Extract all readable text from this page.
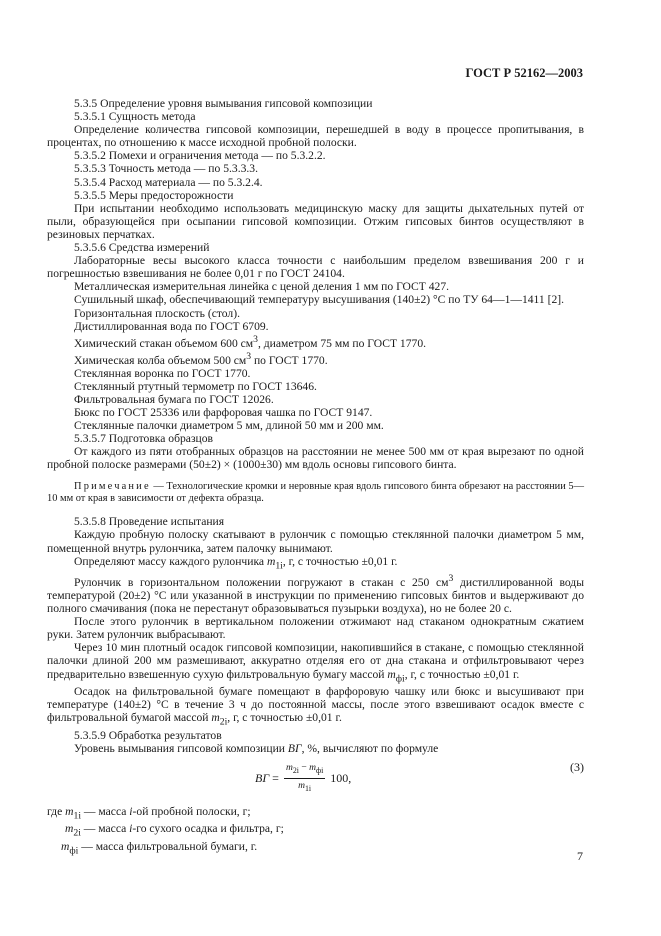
ГОСТ Р 52162—2003

5.3.5 Определение уровня вымывания гипсовой композиции

5.3.5.1 Сущность метода

Определение количества гипсовой композиции, перешедшей в воду в процессе пропитывания, в процентах, по отношению к массе исходной пробной полоски.

5.3.5.2 Помехи и ограничения метода — по 5.3.2.2.

5.3.5.3 Точность метода — по 5.3.3.3.

5.3.5.4 Расход материала — по 5.3.2.4.

5.3.5.5 Меры предосторожности

При испытании необходимо использовать медицинскую маску для защиты дыхательных путей от пыли, образующейся при осыпании гипсовой композиции. Отжим гипсовых бинтов осуществляют в резиновых перчатках.

5.3.5.6 Средства измерений

Лабораторные весы высокого класса точности с наибольшим пределом взвешивания 200 г и погрешностью взвешивания не более 0,01 г по ГОСТ 24104.

Металлическая измерительная линейка с ценой деления 1 мм по ГОСТ 427.

Сушильный шкаф, обеспечивающий температуру высушивания (140±2) °С по ТУ 64—1—1411 [2].

Горизонтальная плоскость (стол).

Дистиллированная вода по ГОСТ 6709.

Химический стакан объемом 600 $см^3$, диаметром 75 мм по ГОСТ 1770.

Химическая колба объемом 500 $см^3$ по ГОСТ 1770.

Стеклянная воронка по ГОСТ 1770.

Стеклянный ртутный термометр по ГОСТ 13646.

Фильтровальная бумага по ГОСТ 12026.

Бюкс по ГОСТ 25336 или фарфоровая чашка по ГОСТ 9147.

Стеклянные палочки диаметром 5 мм, длиной 50 мм и 200 мм.

5.3.5.7 Подготовка образцов

От каждого из пяти отобранных образцов на расстоянии не менее 500 мм от края вырезают по одной пробной полоске размерами (50±2) × (1000±30) мм вдоль основы гипсового бинта.

Примечание — Технологические кромки и неровные края вдоль гипсового бинта обрезают на расстоянии 5—10 мм от края в зависимости от дефекта образца.

5.3.5.8 Проведение испытания

Каждую пробную полоску скатывают в рулончик с помощью стеклянной палочки диаметром 5 мм, помещенной внутрь рулончика, затем палочку вынимают.

Определяют массу каждого рулончика $m_{1i}$, г, с точностью ±0,01 г.

Рулончик в горизонтальном положении погружают в стакан с 250 $см^3$ дистиллированной воды температурой (20±2) °С или указанной в инструкции по применению гипсовых бинтов и выдерживают до полного смачивания (пока не перестанут образовываться пузырьки воздуха), но не более 20 с.

После этого рулончик в вертикальном положении отжимают над стаканом однократным сжатием руки. Затем рулончик выбрасывают.

Через 10 мин плотный осадок гипсовой композиции, накопившийся в стакане, с помощью стеклянной палочки длиной 200 мм размешивают, аккуратно отделяя его от дна стакана и отфильтровывают через предварительно взвешенную сухую фильтровальную бумагу массой $m_{фi}$, г, с точностью ±0,01 г.

Осадок на фильтровальной бумаге помещают в фарфоровую чашку или бюкс и высушивают при температуре (140±2) °С в течение 3 ч до постоянной массы, после этого взвешивают осадок вместе с фильтровальной бумагой массой $m_{2i}$, г, с точностью ±0,01 г.

5.3.5.9 Обработка результатов

Уровень вымывания гипсовой композиции ВГ, %, вычисляют по формуле

ВГ = $\frac{m_{2i} - m_{фi}}{m_{1i}} 100$,
(3)

где $m_{1i}$ — масса i-ой пробной полоски, г;

$m_{2i}$ — масса i-го сухого осадка и фильтра, г;

$m_{фi}$ — масса фильтровальной бумаги, г.

7
